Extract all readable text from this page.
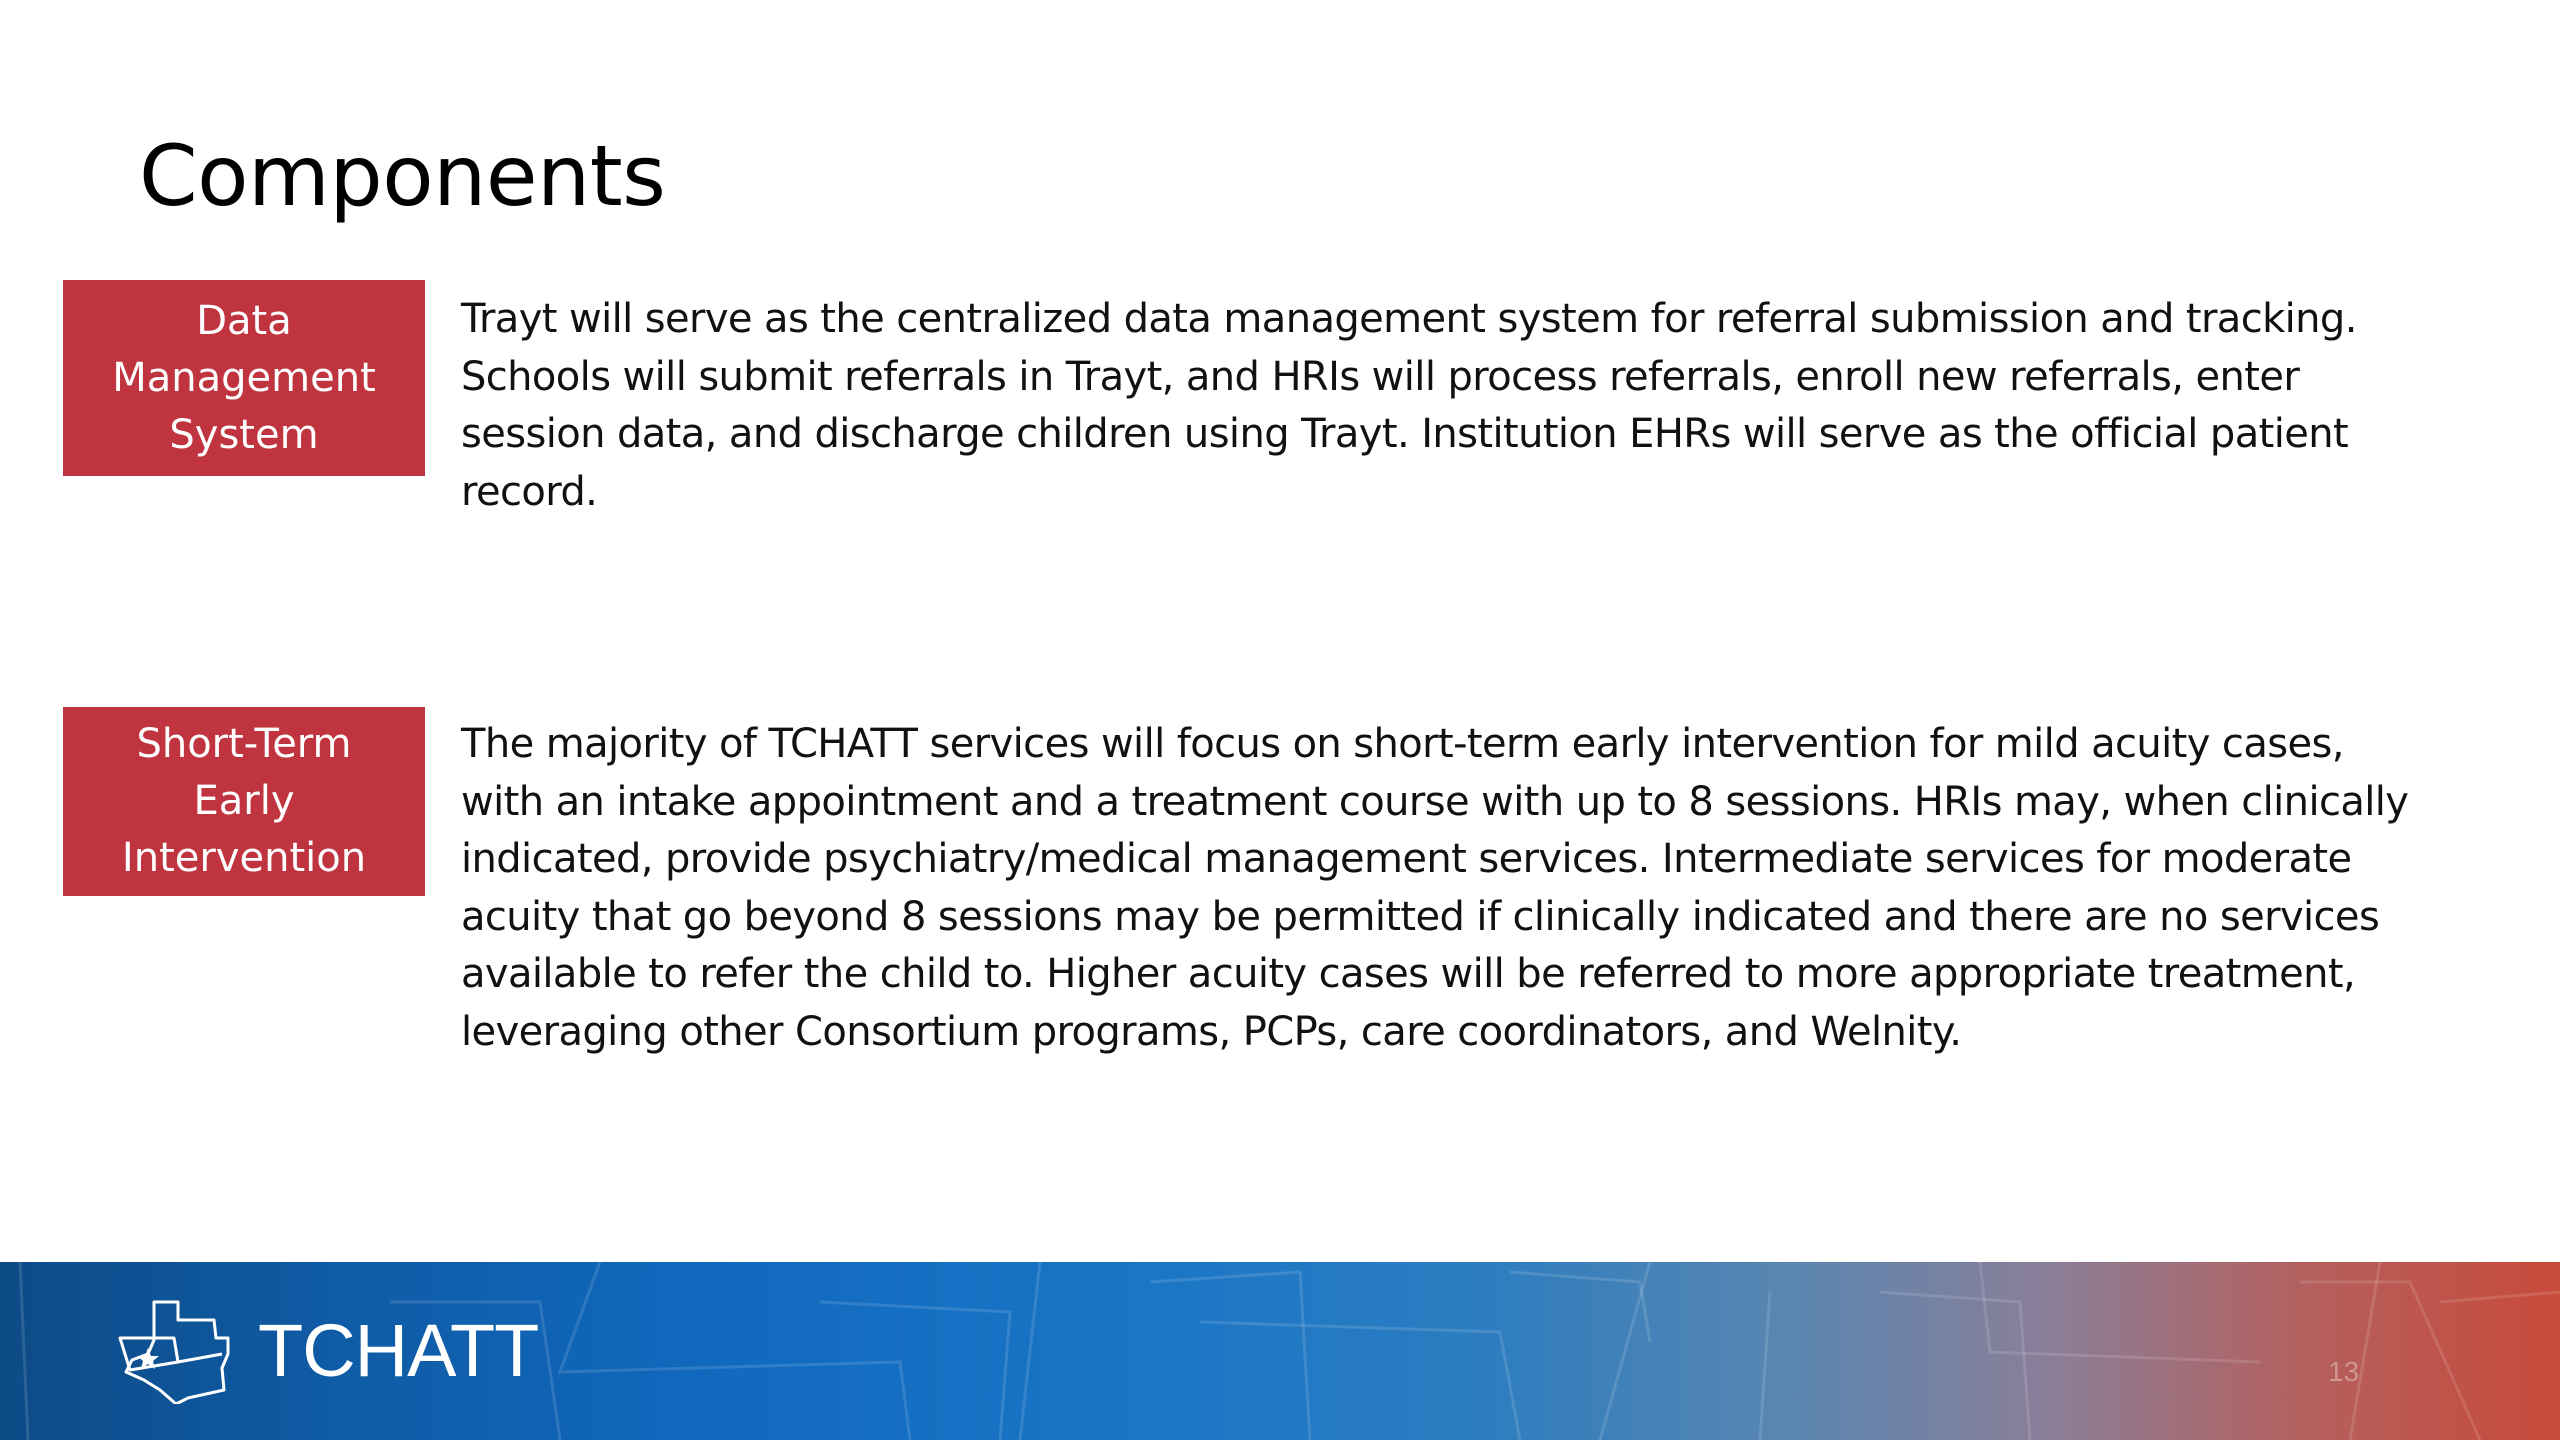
Components
Data
Management
System
Trayt will serve as the centralized data management system for referral submission and tracking. Schools will submit referrals in Trayt, and HRIs will process referrals, enroll new referrals, enter session data, and discharge children using Trayt. Institution EHRs will serve as the official patient record.
Short-Term
Early
Intervention
The majority of TCHATT services will focus on short-term early intervention for mild acuity cases, with an intake appointment and a treatment course with up to 8 sessions. HRIs may, when clinically indicated, provide psychiatry/medical management services. Intermediate services for moderate acuity that go beyond 8 sessions may be permitted if clinically indicated and there are no services available to refer the child to. Higher acuity cases will be referred to more appropriate treatment, leveraging other Consortium programs, PCPs, care coordinators, and Welnity.
TCHATT	13
